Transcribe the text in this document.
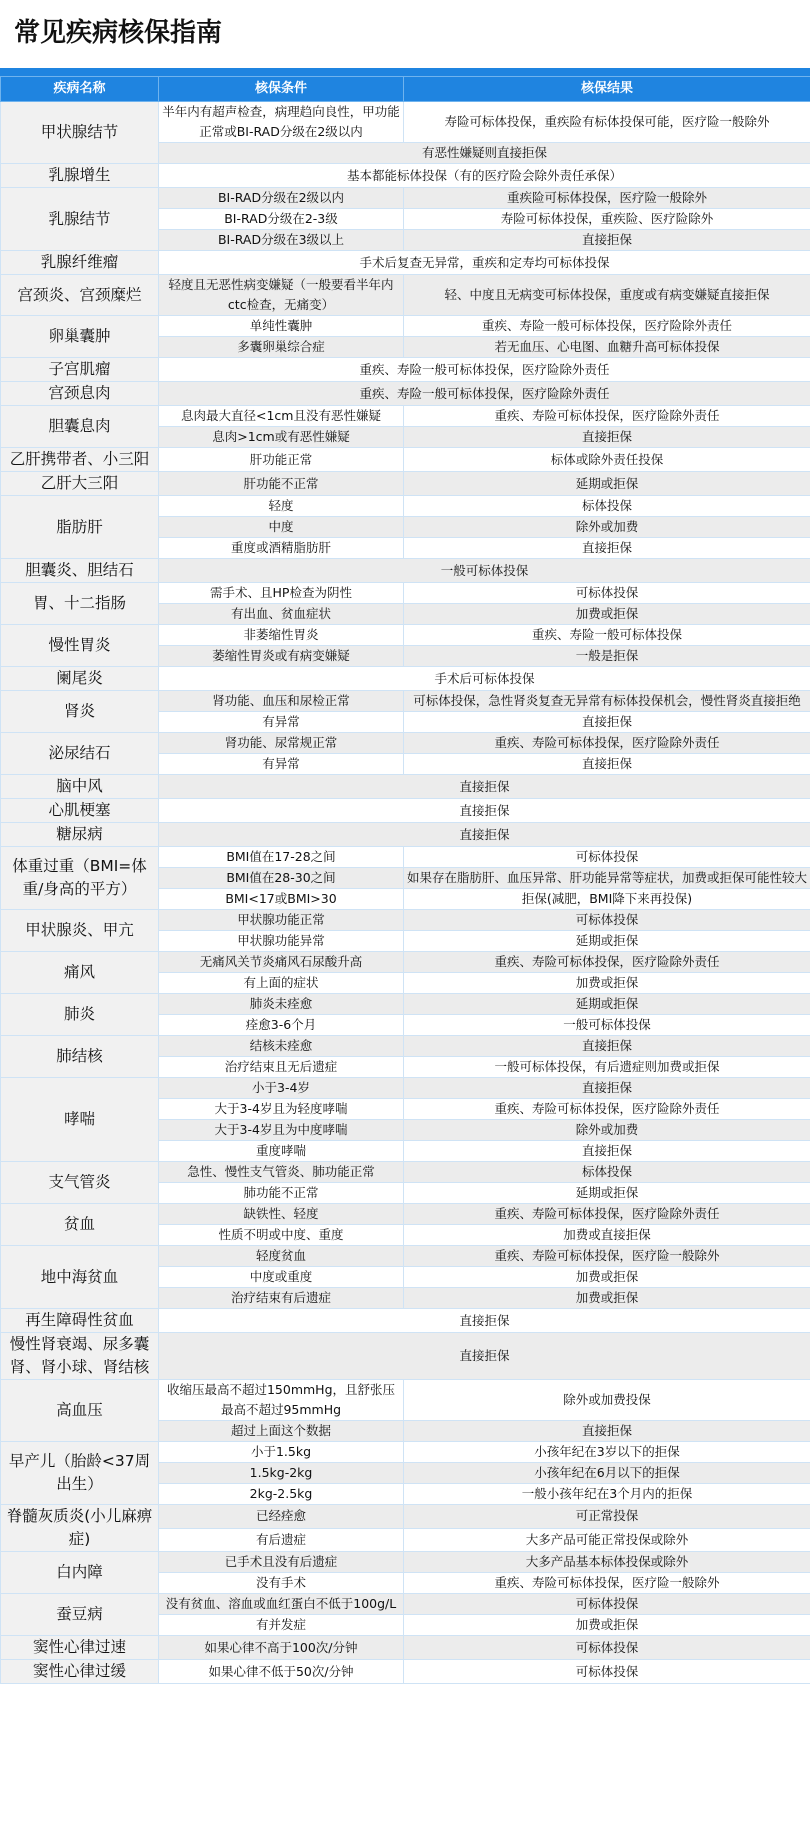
常见疾病核保指南
疾病名称	核保条件	核保结果
甲状腺结节	半年内有超声检查，病理趋向良性，甲功能正常或BI-RAD分级在2级以内	寿险可标体投保，重疾险有标体投保可能，医疗险一般除外
	有恶性嫌疑则直接拒保	
乳腺增生	基本都能标体投保（有的医疗险会除外责任承保）	
乳腺结节	BI-RAD分级在2级以内	重疾险可标体投保，医疗险一般除外
	BI-RAD分级在2-3级	寿险可标体投保，重疾险、医疗险除外
	BI-RAD分级在3级以上	直接拒保
乳腺纤维瘤	手术后复查无异常，重疾和定寿均可标体投保	
宫颈炎、宫颈糜烂	轻度且无恶性病变嫌疑（一般要看半年内ctc检查，无痛变）	轻、中度且无病变可标体投保，重度或有病变嫌疑直接拒保
卵巢囊肿	单纯性囊肿	重疾、寿险一般可标体投保，医疗险除外责任
	多囊卵巢综合症	若无血压、心电图、血糖升高可标体投保
子宫肌瘤	重疾、寿险一般可标体投保，医疗险除外责任	
宫颈息肉	重疾、寿险一般可标体投保，医疗险除外责任	
胆囊息肉	息肉最大直径<1cm且没有恶性嫌疑	重疾、寿险可标体投保，医疗险除外责任
	息肉>1cm或有恶性嫌疑	直接拒保
乙肝携带者、小三阳	肝功能正常	标体或除外责任投保
乙肝大三阳	肝功能不正常	延期或拒保
脂肪肝	轻度	标体投保
	中度	除外或加费
	重度或酒精脂肪肝	直接拒保
胆囊炎、胆结石	一般可标体投保	
胃、十二指肠	需手术、且HP检查为阴性	可标体投保
	有出血、贫血症状	加费或拒保
慢性胃炎	非萎缩性胃炎	重疾、寿险一般可标体投保
	萎缩性胃炎或有病变嫌疑	一般是拒保
阑尾炎	手术后可标体投保	
肾炎	肾功能、血压和尿检正常	可标体投保，急性肾炎复查无异常有标体投保机会，慢性肾炎直接拒绝
	有异常	直接拒保
泌尿结石	肾功能、尿常规正常	重疾、寿险可标体投保，医疗险除外责任
	有异常	直接拒保
脑中风	直接拒保	
心肌梗塞	直接拒保	
糖尿病	直接拒保	
体重过重（BMI=体重/身高的平方）	BMI值在17-28之间	可标体投保
	BMI值在28-30之间	如果存在脂肪肝、血压异常、肝功能异常等症状，加费或拒保可能性较大
	BMI<17或BMI>30	拒保(减肥，BMI降下来再投保)
甲状腺炎、甲亢	甲状腺功能正常	可标体投保
	甲状腺功能异常	延期或拒保
痛风	无痛风关节炎痛风石尿酸升高	重疾、寿险可标体投保，医疗险除外责任
	有上面的症状	加费或拒保
肺炎	肺炎未痊愈	延期或拒保
	痊愈3-6个月	一般可标体投保
肺结核	结核未痊愈	直接拒保
	治疗结束且无后遗症	一般可标体投保，有后遗症则加费或拒保
哮喘	小于3-4岁	直接拒保
	大于3-4岁且为轻度哮喘	重疾、寿险可标体投保，医疗险除外责任
	大于3-4岁且为中度哮喘	除外或加费
	重度哮喘	直接拒保
支气管炎	急性、慢性支气管炎、肺功能正常	标体投保
	肺功能不正常	延期或拒保
贫血	缺铁性、轻度	重疾、寿险可标体投保，医疗险除外责任
	性质不明或中度、重度	加费或直接拒保
地中海贫血	轻度贫血	重疾、寿险可标体投保，医疗险一般除外
	中度或重度	加费或拒保
	治疗结束有后遗症	加费或拒保
再生障碍性贫血	直接拒保	
慢性肾衰竭、尿多囊肾、肾小球、肾结核	直接拒保	
高血压	收缩压最高不超过150mmHg，且舒张压最高不超过95mmHg	除外或加费投保
	超过上面这个数据	直接拒保
早产儿（胎龄<37周出生）	小于1.5kg	小孩年纪在3岁以下的拒保
	1.5kg-2kg	小孩年纪在6月以下的拒保
	2kg-2.5kg	一般小孩年纪在3个月内的拒保
脊髓灰质炎(小儿麻痹症)	已经痊愈	可正常投保
	有后遗症	大多产品可能正常投保或除外
白内障	已手术且没有后遗症	大多产品基本标体投保或除外
	没有手术	重疾、寿险可标体投保，医疗险一般除外
蚕豆病	没有贫血、溶血或血红蛋白不低于100g/L	可标体投保
	有并发症	加费或拒保
窦性心律过速	如果心律不高于100次/分钟	可标体投保
窦性心律过缓	如果心律不低于50次/分钟	可标体投保
